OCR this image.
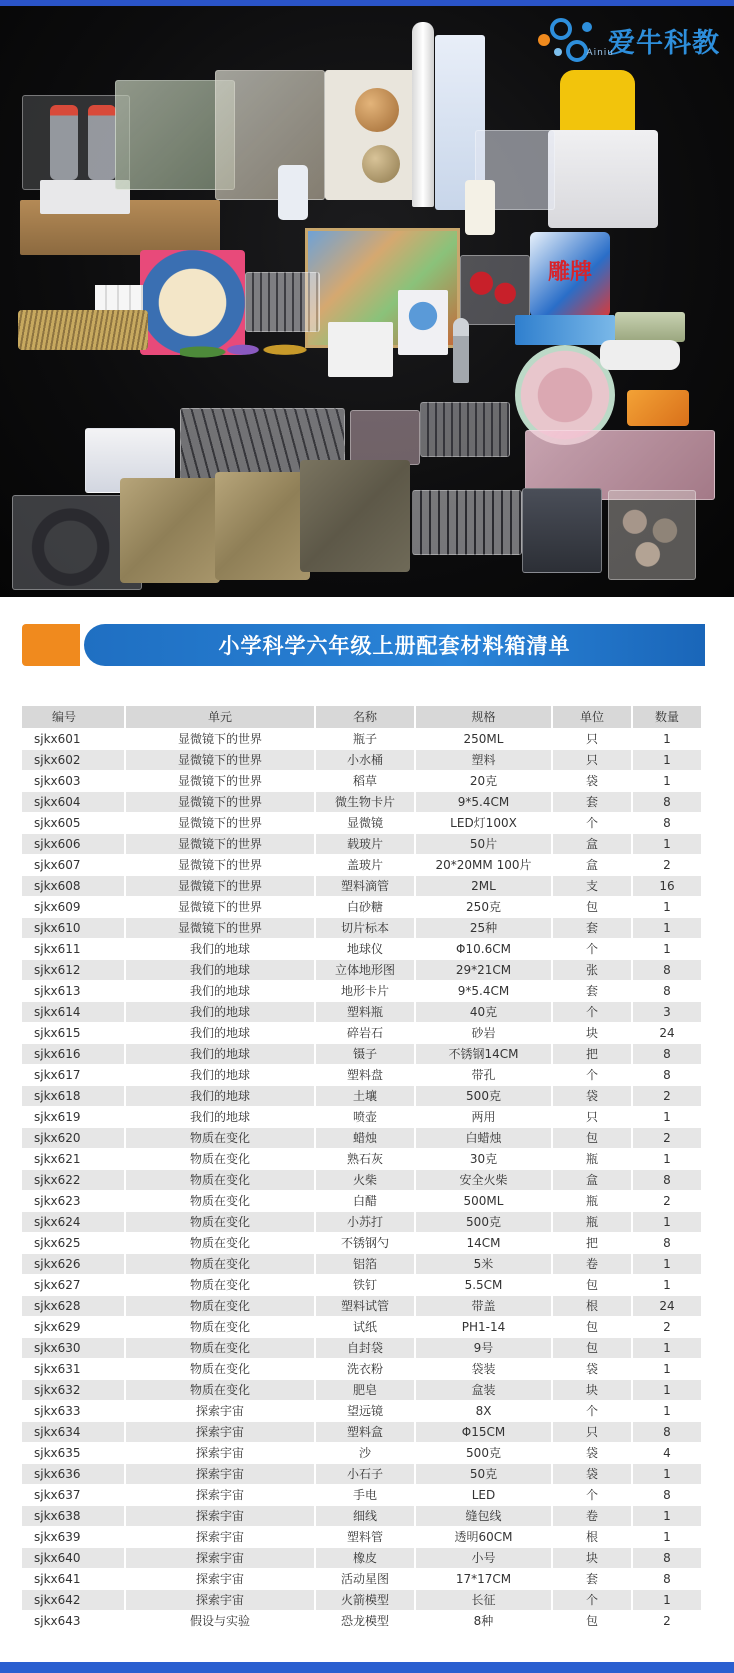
爱牛科教
Ainiu
雕牌
小学科学六年级上册配套材料箱清单
编号	单元	名称	规格	单位	数量
sjkx601	显微镜下的世界	瓶子	250ML	只	1
sjkx602	显微镜下的世界	小水桶	塑料	只	1
sjkx603	显微镜下的世界	稻草	20克	袋	1
sjkx604	显微镜下的世界	微生物卡片	9*5.4CM	套	8
sjkx605	显微镜下的世界	显微镜	LED灯100X	个	8
sjkx606	显微镜下的世界	载玻片	50片	盒	1
sjkx607	显微镜下的世界	盖玻片	20*20MM 100片	盒	2
sjkx608	显微镜下的世界	塑料滴管	2ML	支	16
sjkx609	显微镜下的世界	白砂糖	250克	包	1
sjkx610	显微镜下的世界	切片标本	25种	套	1
sjkx611	我们的地球	地球仪	Φ10.6CM	个	1
sjkx612	我们的地球	立体地形图	29*21CM	张	8
sjkx613	我们的地球	地形卡片	9*5.4CM	套	8
sjkx614	我们的地球	塑料瓶	40克	个	3
sjkx615	我们的地球	碎岩石	砂岩	块	24
sjkx616	我们的地球	镊子	不锈钢14CM	把	8
sjkx617	我们的地球	塑料盘	带孔	个	8
sjkx618	我们的地球	土壤	500克	袋	2
sjkx619	我们的地球	喷壶	两用	只	1
sjkx620	物质在变化	蜡烛	白蜡烛	包	2
sjkx621	物质在变化	熟石灰	30克	瓶	1
sjkx622	物质在变化	火柴	安全火柴	盒	8
sjkx623	物质在变化	白醋	500ML	瓶	2
sjkx624	物质在变化	小苏打	500克	瓶	1
sjkx625	物质在变化	不锈钢勺	14CM	把	8
sjkx626	物质在变化	铝箔	5米	卷	1
sjkx627	物质在变化	铁钉	5.5CM	包	1
sjkx628	物质在变化	塑料试管	带盖	根	24
sjkx629	物质在变化	试纸	PH1-14	包	2
sjkx630	物质在变化	自封袋	9号	包	1
sjkx631	物质在变化	洗衣粉	袋装	袋	1
sjkx632	物质在变化	肥皂	盒装	块	1
sjkx633	探索宇宙	望远镜	8X	个	1
sjkx634	探索宇宙	塑料盒	Φ15CM	只	8
sjkx635	探索宇宙	沙	500克	袋	4
sjkx636	探索宇宙	小石子	50克	袋	1
sjkx637	探索宇宙	手电	LED	个	8
sjkx638	探索宇宙	细线	缝包线	卷	1
sjkx639	探索宇宙	塑料管	透明60CM	根	1
sjkx640	探索宇宙	橡皮	小号	块	8
sjkx641	探索宇宙	活动星图	17*17CM	套	8
sjkx642	探索宇宙	火箭模型	长征	个	1
sjkx643	假设与实验	恐龙模型	8种	包	2
